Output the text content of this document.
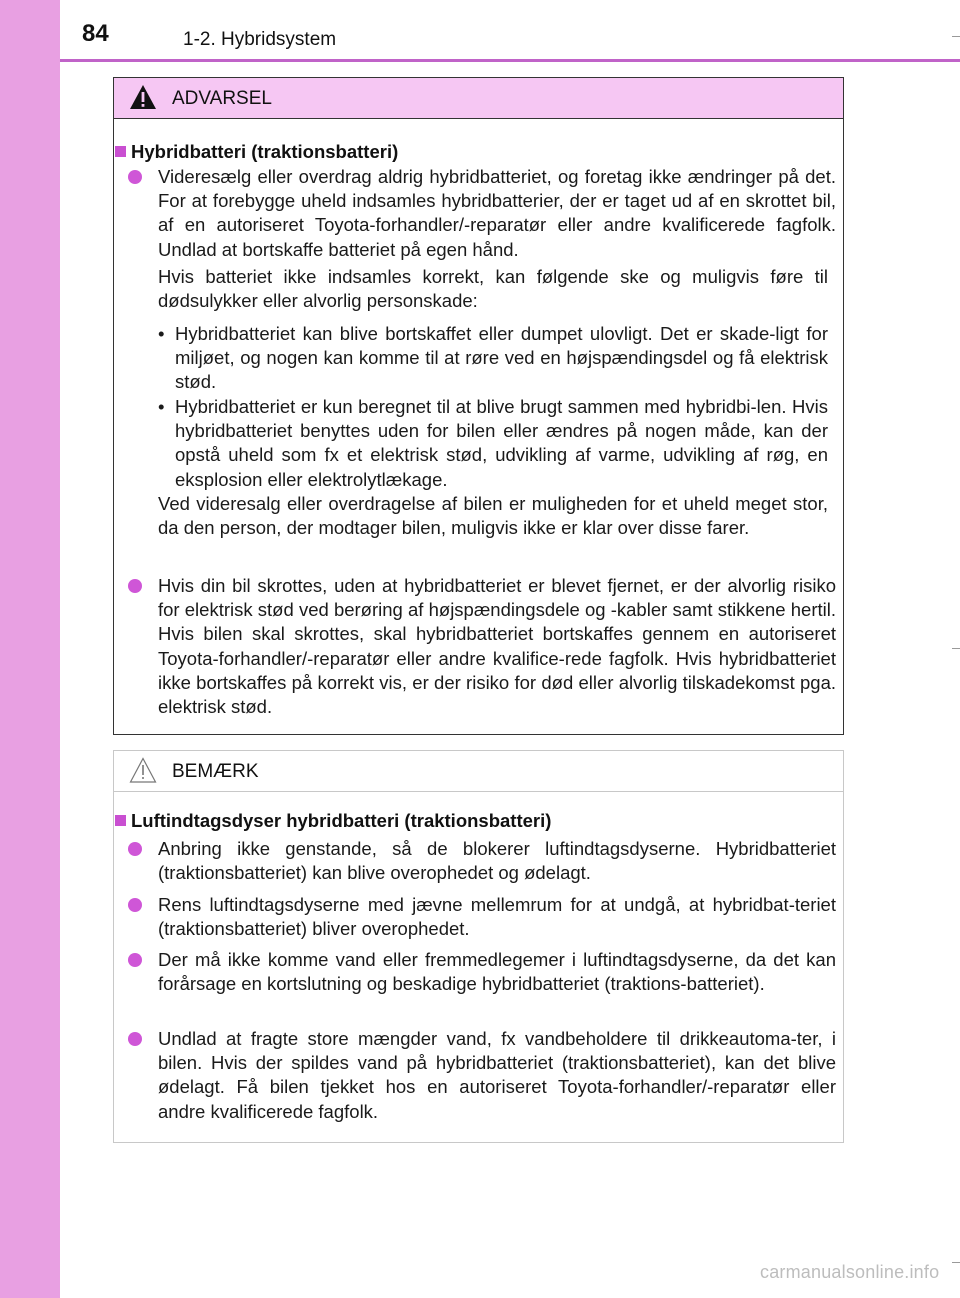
84	1-2. Hybridsystem
ADVARSEL
Hybridbatteri (traktionsbatteri)
Videresælg eller overdrag aldrig hybridbatteriet, og foretag ikke ændringer på det. For at forebygge uheld indsamles hybridbatterier, der er taget ud af en skrottet bil, af en autoriseret Toyota-forhandler/-reparatør eller andre kvalificerede fagfolk. Undlad at bortskaffe batteriet på egen hånd.
Hvis batteriet ikke indsamles korrekt, kan følgende ske og muligvis føre til dødsulykker eller alvorlig personskade:
• Hybridbatteriet kan blive bortskaffet eller dumpet ulovligt. Det er skade-ligt for miljøet, og nogen kan komme til at røre ved en højspændingsdel og få elektrisk stød.
• Hybridbatteriet er kun beregnet til at blive brugt sammen med hybridbi-len. Hvis hybridbatteriet benyttes uden for bilen eller ændres på nogen måde, kan der opstå uheld som fx et elektrisk stød, udvikling af varme, udvikling af røg, en eksplosion eller elektrolytlækage.
Ved videresalg eller overdragelse af bilen er muligheden for et uheld meget stor, da den person, der modtager bilen, muligvis ikke er klar over disse farer.
Hvis din bil skrottes, uden at hybridbatteriet er blevet fjernet, er der alvorlig risiko for elektrisk stød ved berøring af højspændingsdele og -kabler samt stikkene hertil. Hvis bilen skal skrottes, skal hybridbatteriet bortskaffes gennem en autoriseret Toyota-forhandler/-reparatør eller andre kvalifice-rede fagfolk. Hvis hybridbatteriet ikke bortskaffes på korrekt vis, er der risiko for død eller alvorlig tilskadekomst pga. elektrisk stød.
BEMÆRK
Luftindtagsdyser hybridbatteri (traktionsbatteri)
Anbring ikke genstande, så de blokerer luftindtagsdyserne. Hybridbatteriet (traktionsbatteriet) kan blive overophedet og ødelagt.
Rens luftindtagsdyserne med jævne mellemrum for at undgå, at hybridbat-teriet (traktionsbatteriet) bliver overophedet.
Der må ikke komme vand eller fremmedlegemer i luftindtagsdyserne, da det kan forårsage en kortslutning og beskadige hybridbatteriet (traktions-batteriet).
Undlad at fragte store mængder vand, fx vandbeholdere til drikkeautoma-ter, i bilen. Hvis der spildes vand på hybridbatteriet (traktionsbatteriet), kan det blive ødelagt. Få bilen tjekket hos en autoriseret Toyota-forhandler/-reparatør eller andre kvalificerede fagfolk.
carmanualsonline.info
